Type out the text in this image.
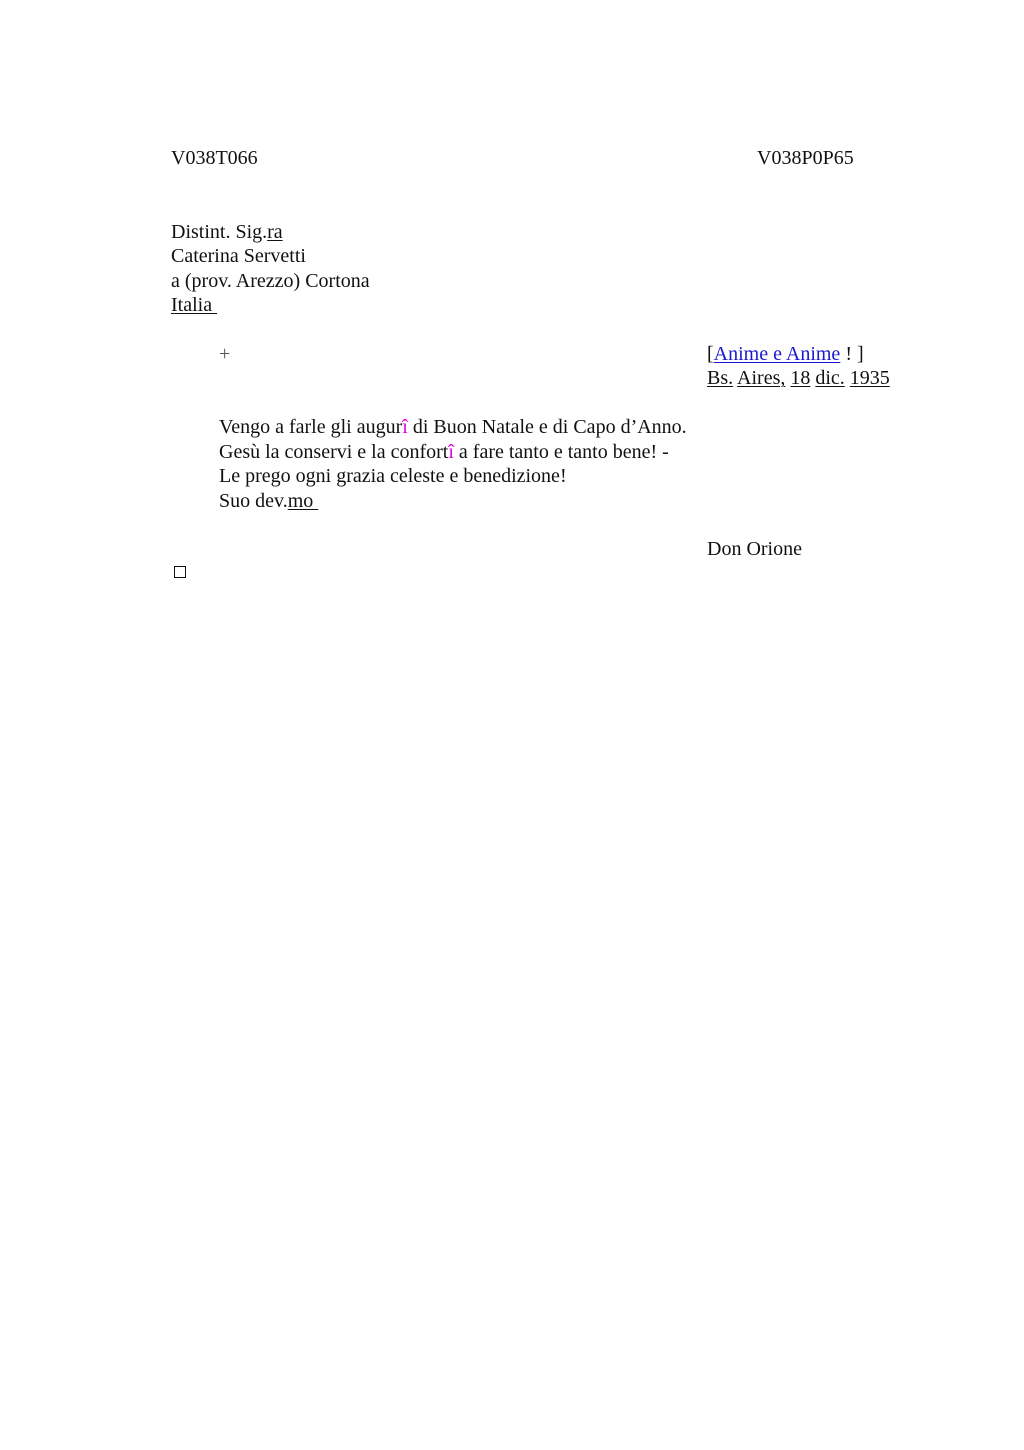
V038T066	V038P0P65
Distint. Sig.ra
Caterina Servetti
a (prov. Arezzo) Cortona
Italia
+	[Anime e Anime ! ]
Bs. Aires, 18 dic. 1935
Vengo a farle gli augurî di Buon Natale e di Capo d’Anno.
Gesù la conservi e la confortî a fare tanto e tanto bene! -
Le prego ogni grazia celeste e benedizione!
Suo dev.mo
Don Orione
